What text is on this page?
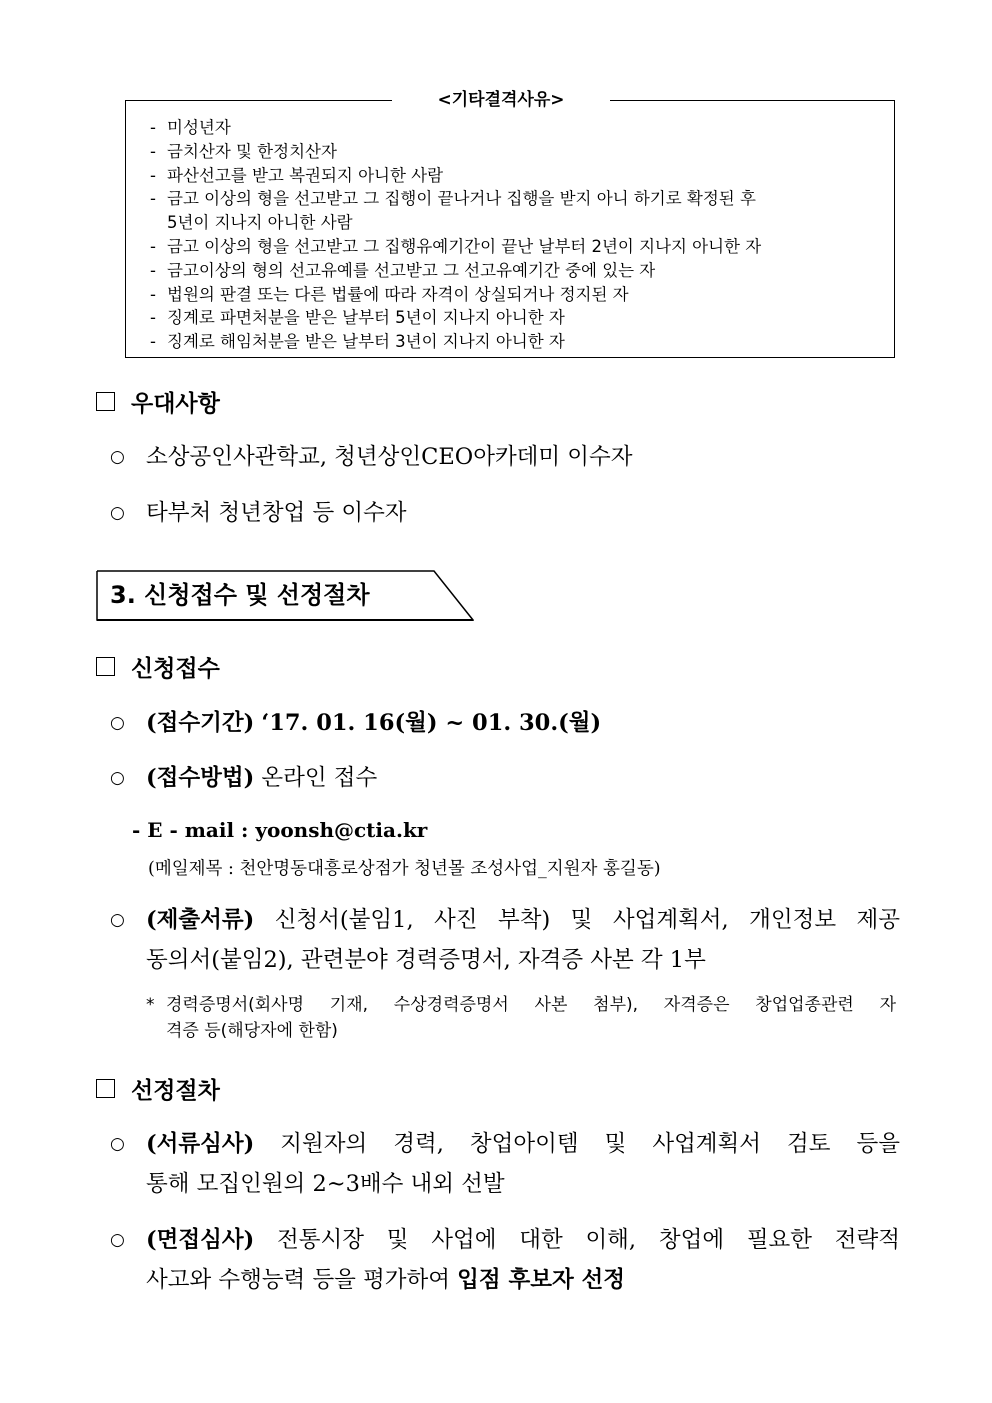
<기타결격사유>
- 미성년자
- 금치산자 및 한정치산자
- 파산선고를 받고 복권되지 아니한 사람
- 금고 이상의 형을 선고받고 그 집행이 끝나거나 집행을 받지 아니 하기로 확정된 후
5년이 지나지 아니한 사람
- 금고 이상의 형을 선고받고 그 집행유예기간이 끝난 날부터 2년이 지나지 아니한 자
- 금고이상의 형의 선고유예를 선고받고 그 선고유예기간 중에 있는 자
- 법원의 판결 또는 다른 법률에 따라 자격이 상실되거나 정지된 자
- 징계로 파면처분을 받은 날부터 5년이 지나지 아니한 자
- 징계로 해임처분을 받은 날부터 3년이 지나지 아니한 자
우대사항
○ 소상공인사관학교, 청년상인CEO아카데미 이수자
○ 타부처 청년창업 등 이수자
3. 신청접수 및 선정절차
신청접수
○ (접수기간) ‘17. 01. 16(월) ~ 01. 30.(월)
○ (접수방법) 온라인 접수
- E - mail : yoonsh@ctia.kr
(메일제목 : 천안명동대흥로상점가 청년몰 조성사업_지원자 홍길동)
○ (제출서류) 신청서(붙임1, 사진 부착) 및 사업계획서, 개인정보 제공
동의서(붙임2), 관련분야 경력증명서, 자격증 사본 각 1부
* 경력증명서(회사명 기재, 수상경력증명서 사본 첨부), 자격증은 창업업종관련 자
격증 등(해당자에 한함)
선정절차
○ (서류심사) 지원자의 경력, 창업아이템 및 사업계획서 검토 등을
통해 모집인원의 2~3배수 내외 선발
○ (면접심사) 전통시장 및 사업에 대한 이해, 창업에 필요한 전략적
사고와 수행능력 등을 평가하여 입점 후보자 선정
